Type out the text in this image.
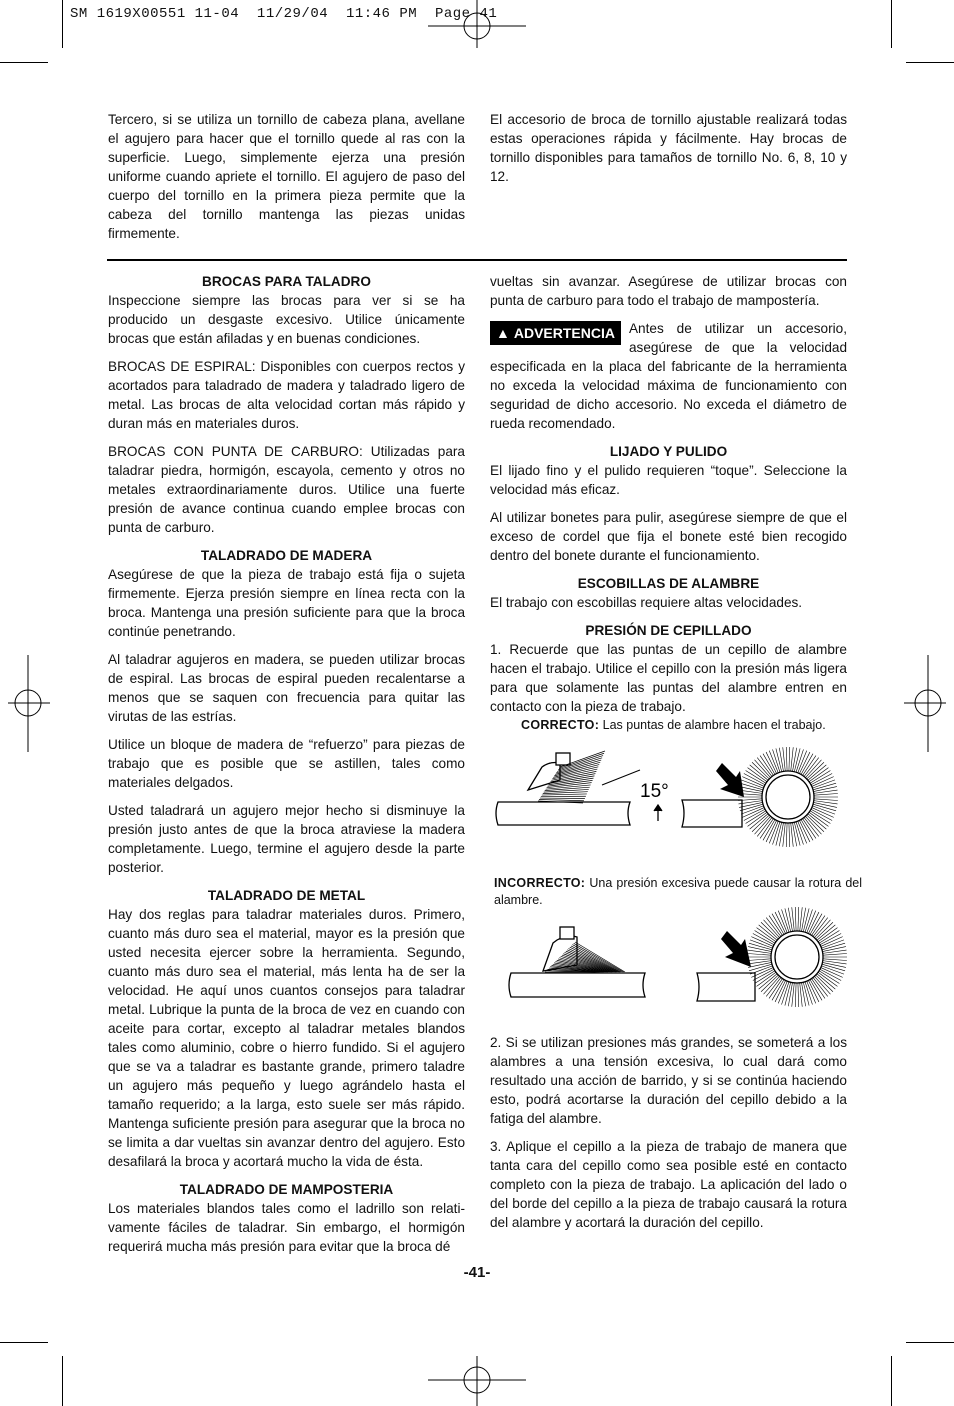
SM 1619X00551 11-04  11/29/04  11:46 PM  Page 41

Tercero, si se utiliza un tornillo de cabeza plana, avellane el agujero para hacer que el tornillo quede al ras con la superficie. Luego, simplemente ejerza una presión uniforme cuando apriete el tornillo. El agujero de paso del cuerpo del tornillo en la primera pieza permite que la cabeza del tornillo mantenga las piezas unidas firmemente.

El accesorio de broca de tornillo ajustable realizará todas estas operaciones rápida y fácilmente. Hay brocas de tornillo disponibles para tamaños de tornillo No. 6, 8, 10 y 12.

BROCAS PARA TALADRO

Inspeccione siempre las brocas para ver si se ha producido un desgaste excesivo. Utilice únicamente brocas que están afiladas y en buenas condiciones.

BROCAS DE ESPIRAL: Disponibles con cuerpos rectos y acortados para taladrado de madera y taladrado ligero de metal. Las brocas de alta velocidad cortan más rápido y duran más en materiales duros.

BROCAS CON PUNTA DE CARBURO: Utilizadas para taladrar piedra, hormigón, escayola, cemento y otros no metales extraordinariamente duros. Utilice una fuerte presión de avance continua cuando emplee brocas con punta de carburo.

TALADRADO DE MADERA

Asegúrese de que la pieza de trabajo está fija o sujeta firmemente. Ejerza presión siempre en línea recta con la broca. Mantenga una presión suficiente para que la broca continúe penetrando.

Al taladrar agujeros en madera, se pueden utilizar brocas de espiral. Las brocas de espiral pueden recalentarse a menos que se saquen con frecuencia para quitar las virutas de las estrías.

Utilice un bloque de madera de “refuerzo” para piezas de trabajo que es posible que se astillen, tales como materiales delgados.

Usted taladrará un agujero mejor hecho si disminuye la presión justo antes de que la broca atraviese la madera completamente. Luego, termine el agujero desde la parte posterior.

TALADRADO DE METAL

Hay dos reglas para taladrar materiales duros. Primero, cuanto más duro sea el material, mayor es la presión que usted necesita ejercer sobre la herramienta. Segundo, cuanto más duro sea el material, más lenta ha de ser la velocidad. He aquí unos cuantos consejos para taladrar metal. Lubrique la punta de la broca de vez en cuando con aceite para cortar, excepto al taladrar metales blandos tales como aluminio, cobre o hierro fundido. Si el agujero que se va a taladrar es bastante grande, primero taladre un agujero más pequeño y luego agrándelo hasta el tamaño requerido; a la larga, esto suele ser más rápido. Mantenga suficiente presión para asegurar que la broca no se limita a dar vueltas sin avanzar dentro del agujero. Esto desafilará la broca y acortará mucho la vida de ésta.

TALADRADO DE MAMPOSTERIA

Los materiales blandos tales como el ladrillo son relati-vamente fáciles de taladrar. Sin embargo, el hormigón requerirá mucha más presión para evitar que la broca dé

vueltas sin avanzar. Asegúrese de utilizar brocas con punta de carburo para todo el trabajo de mampostería.

▲ ADVERTENCIA	Antes de utilizar un accesorio, asegúrese de que la velocidad especificada en la placa del fabricante de la herramienta no exceda la velocidad máxima de funcionamiento con seguridad de dicho accesorio. No exceda el diámetro de rueda recomendado.

LIJADO Y PULIDO

El lijado fino y el pulido requieren “toque”. Seleccione la velocidad más eficaz.

Al utilizar bonetes para pulir, asegúrese siempre de que el exceso de cordel que fija el bonete esté bien recogido dentro del bonete durante el funcionamiento.

ESCOBILLAS DE ALAMBRE

El trabajo con escobillas requiere altas velocidades.

PRESIÓN DE CEPILLADO

1. Recuerde que las puntas de un cepillo de alambre hacen el trabajo. Utilice el cepillo con la presión más ligera para que solamente las puntas del alambre entren en contacto con la pieza de trabajo.

CORRECTO: Las puntas de alambre hacen el trabajo.
INCORRECTO: Una presión excesiva puede causar la rotura del alambre.
15°

2. Si se utilizan presiones más grandes, se someterá a los alambres a una tensión excesiva, lo cual dará como resultado una acción de barrido, y si se continúa haciendo esto, podrá acortarse la duración del cepillo debido a la fatiga del alambre.

3. Aplique el cepillo a la pieza de trabajo de manera que tanta cara del cepillo como sea posible esté en contacto completo con la pieza de trabajo. La aplicación del lado o del borde del cepillo a la pieza de trabajo causará la rotura del alambre y acortará la duración del cepillo.

-41-
